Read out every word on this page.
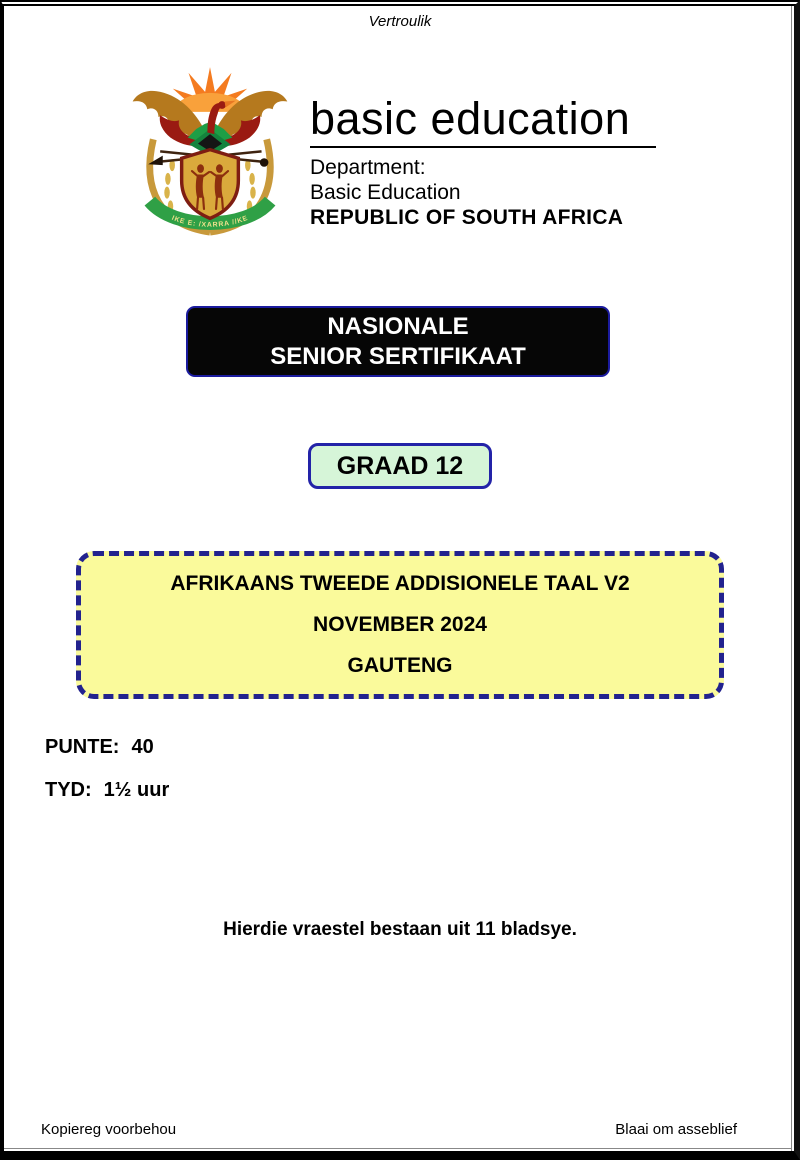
Vertroulik
IKE E: /XARRA //KE
basic education
Department:
Basic Education
REPUBLIC OF SOUTH AFRICA
NASIONALE
SENIOR SERTIFIKAAT
GRAAD 12
AFRIKAANS TWEEDE ADDISIONELE TAAL V2
NOVEMBER 2024
GAUTENG
PUNTE: 40
TYD: 1½ uur
Hierdie vraestel bestaan uit 11 bladsye.
Kopiereg voorbehou	Blaai om asseblief
